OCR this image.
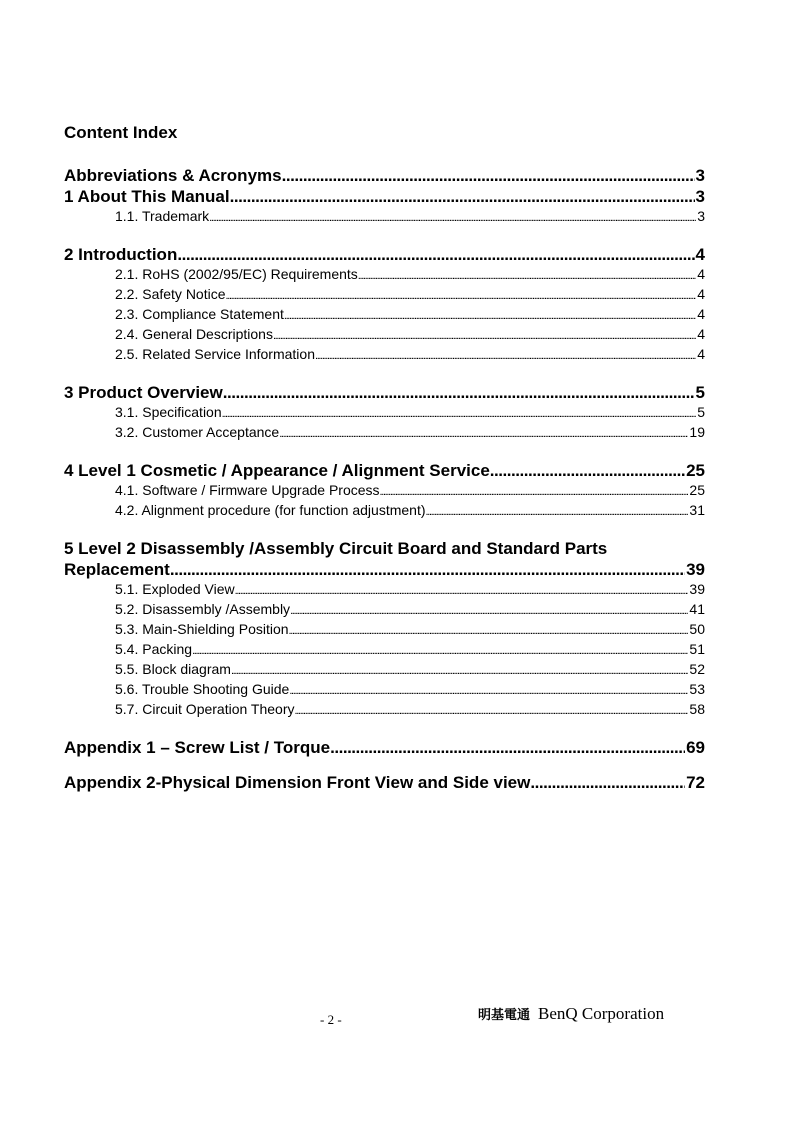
Content Index
Abbreviations & Acronyms . . .	3
1 About This Manual . . .	3
1.1. Trademark . . .	3
2 Introduction . . .	4
2.1. RoHS (2002/95/EC) Requirements . . .	4
2.2. Safety Notice . . .	4
2.3. Compliance Statement . . .	4
2.4. General Descriptions . . .	4
2.5. Related Service Information . . .	4
3 Product Overview . . .	5
3.1. Specification . . .	5
3.2. Customer Acceptance . . .	19
4 Level 1 Cosmetic / Appearance / Alignment Service . . .	25
4.1. Software / Firmware Upgrade Process . . .	25
4.2. Alignment procedure (for function adjustment) . . .	31
5 Level 2 Disassembly /Assembly Circuit Board and Standard Parts
Replacement . . .	39
5.1. Exploded View . . .	39
5.2. Disassembly /Assembly . . .	41
5.3. Main-Shielding Position . . .	50
5.4. Packing . . .	51
5.5. Block diagram . . .	52
5.6. Trouble Shooting Guide . . .	53
5.7. Circuit Operation Theory . . .	58
Appendix 1 – Screw List / Torque . . .	69
Appendix 2-Physical Dimension Front View and Side view . . .	72
- 2 -	明基電通 BenQ Corporation
